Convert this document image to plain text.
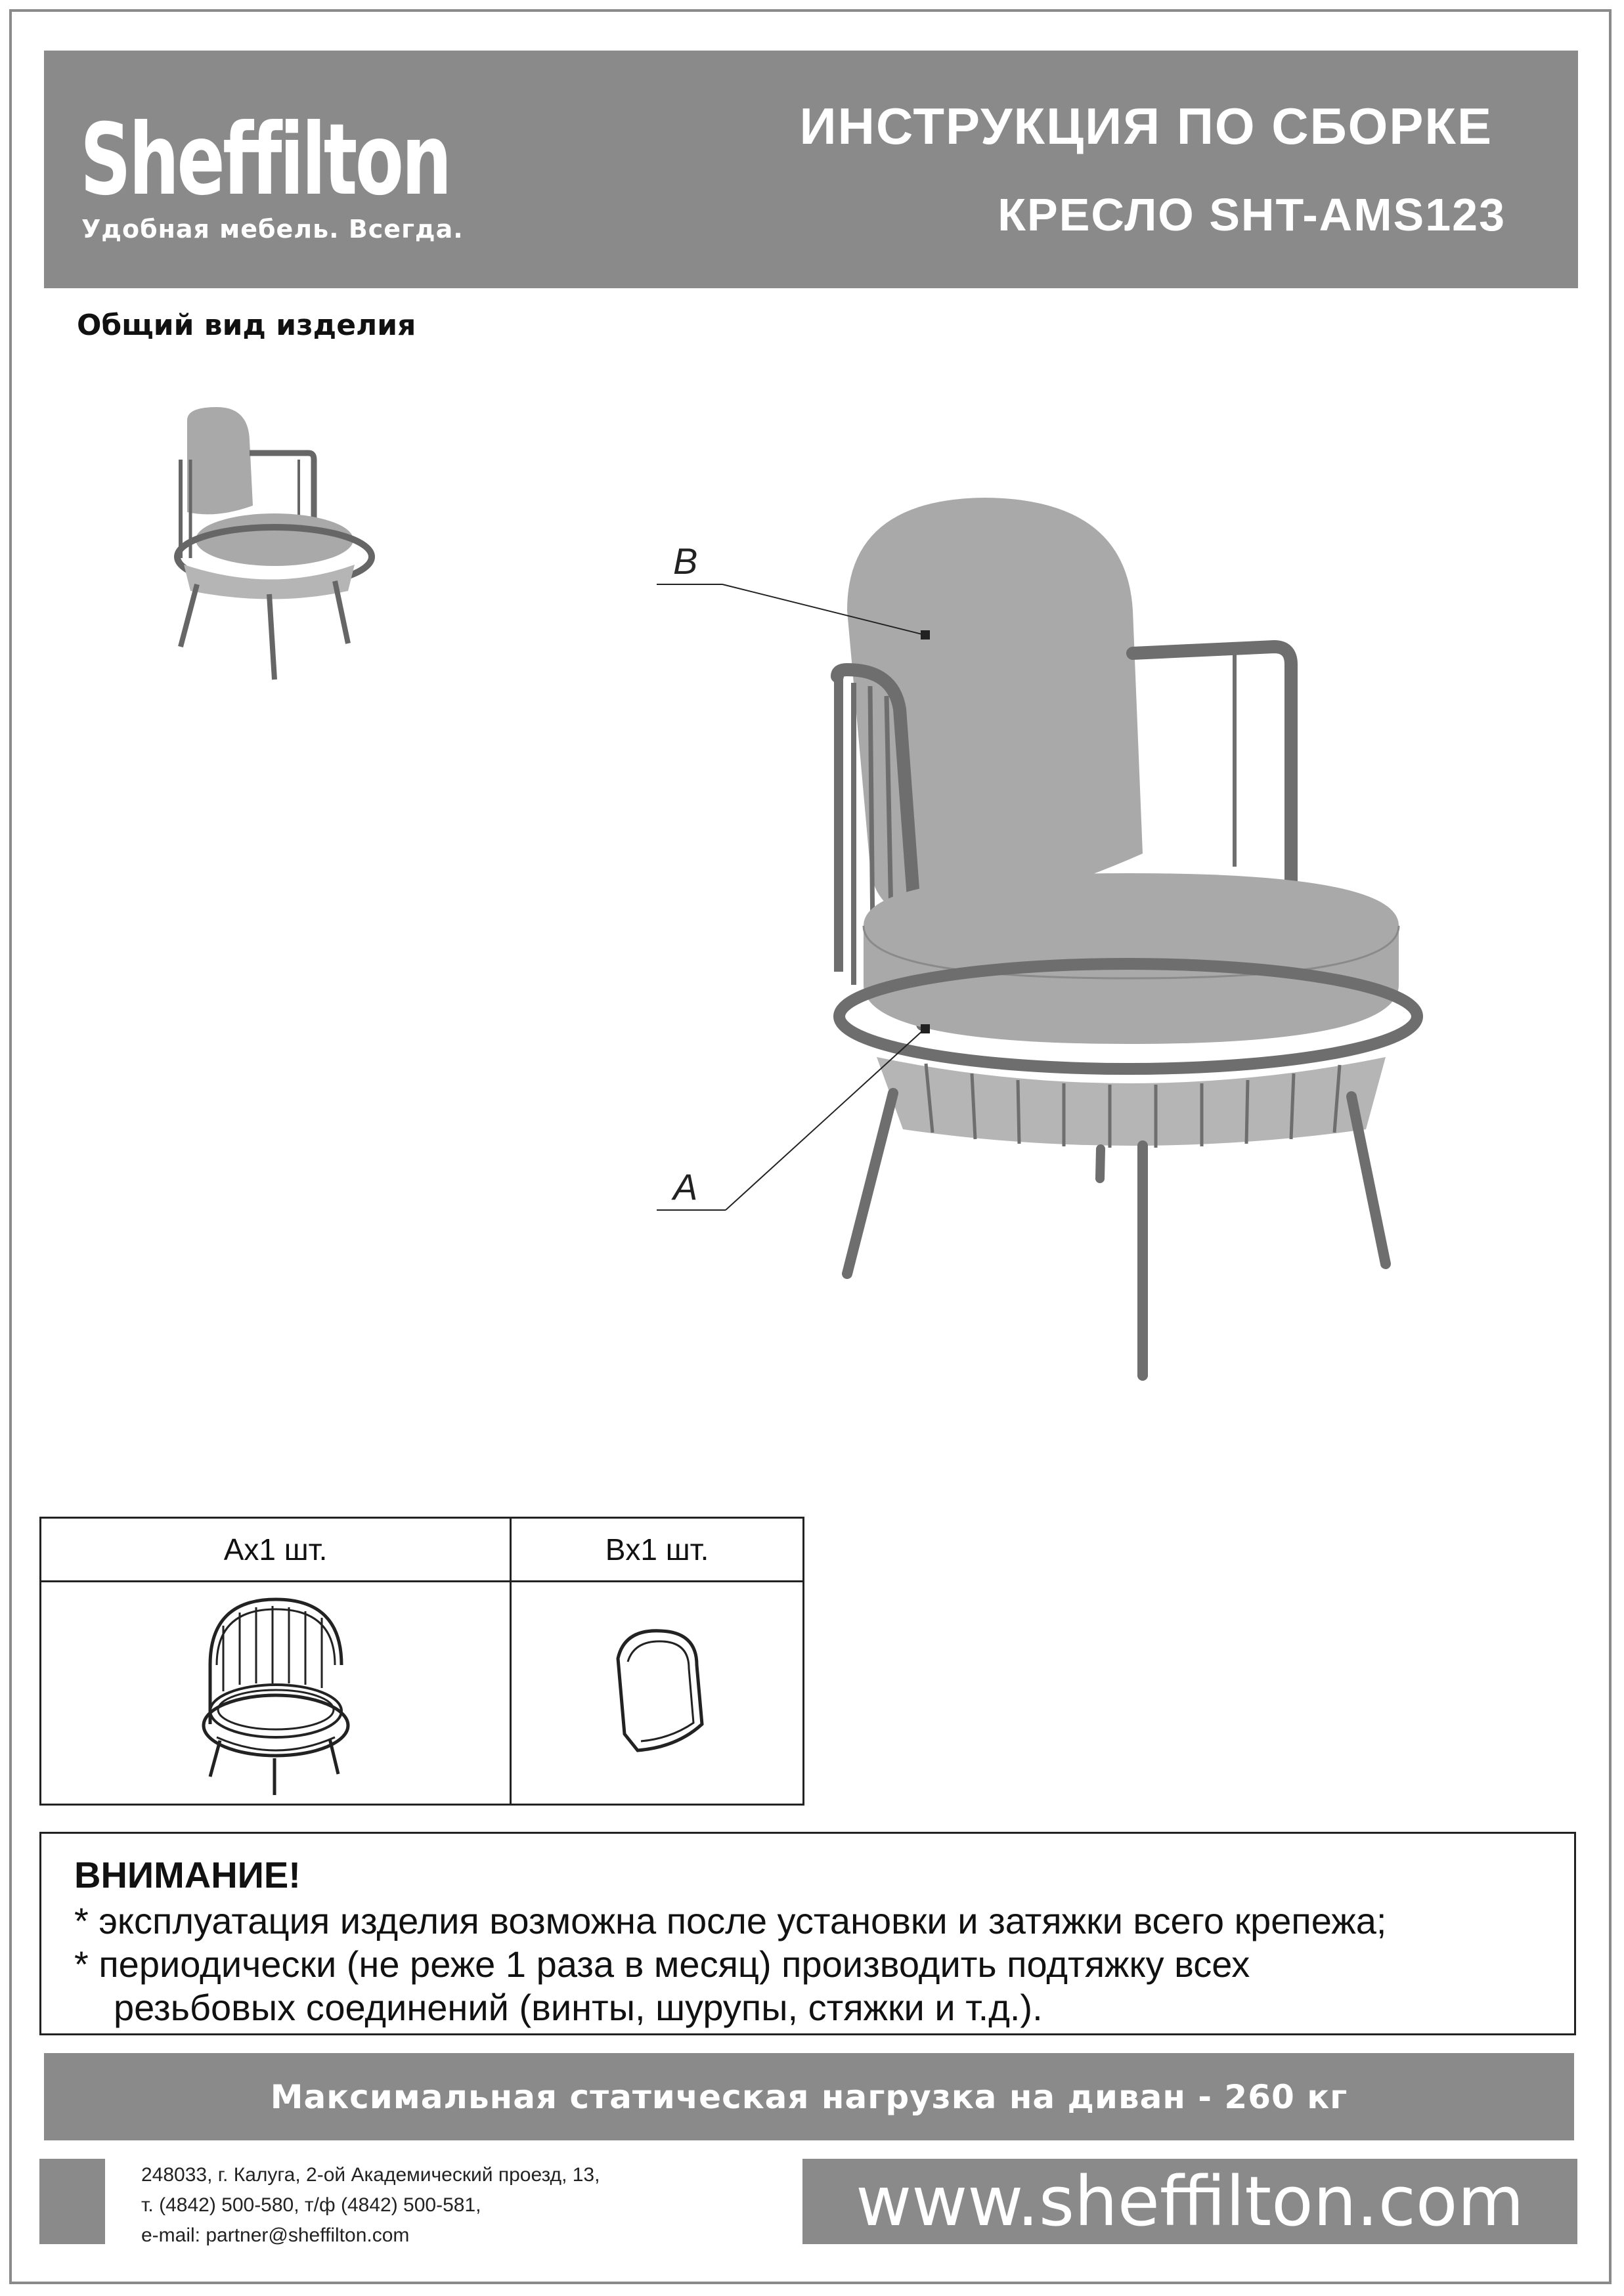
Sheffilton
Удобная мебель. Всегда.
ИНСТРУКЦИЯ ПО СБОРКЕ
КРЕСЛО SHT-AMS123
Общий вид изделия
B
A
Ax1 шт.	Bx1 шт.

ВНИМАНИЕ!
* эксплуатация изделия возможна после установки и затяжки всего крепежа;
* периодически (не реже 1 раза в месяц) производить подтяжку всех
резьбовых соединений (винты, шурупы, стяжки и т.д.).
Максимальная статическая нагрузка на диван - 260 кг
248033, г. Калуга, 2-ой Академический проезд, 13,
т. (4842) 500-580, т/ф (4842) 500-581,
e-mail: partner@sheffilton.com	www.sheffilton.com
